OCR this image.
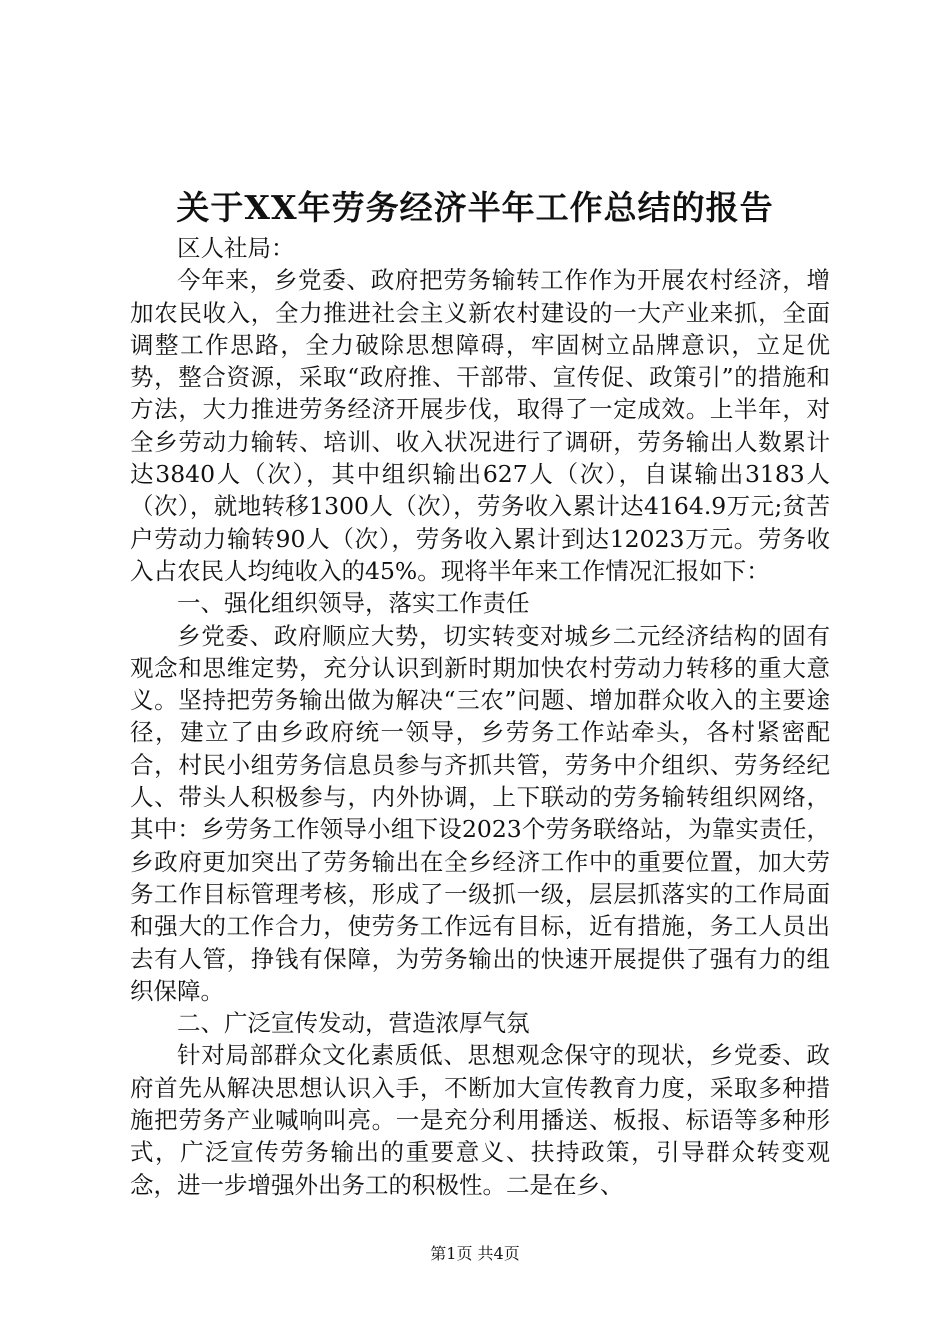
关于XX年劳务经济半年工作总结的报告

区人社局：

今年来，乡党委、政府把劳务输转工作作为开展农村经济，增加农民收入，全力推进社会主义新农村建设的一大产业来抓，全面调整工作思路，全力破除思想障碍，牢固树立品牌意识，立足优势，整合资源，采取“政府推、干部带、宣传促、政策引”的措施和方法，大力推进劳务经济开展步伐，取得了一定成效。上半年，对全乡劳动力输转、培训、收入状况进行了调研，劳务输出人数累计达3840人（次），其中组织输出627人（次），自谋输出3183人（次），就地转移1300人（次），劳务收入累计达4164.9万元;贫苦户劳动力输转90人（次），劳务收入累计到达12023万元。劳务收入占农民人均纯收入的45%。现将半年来工作情况汇报如下：

一、强化组织领导，落实工作责任

乡党委、政府顺应大势，切实转变对城乡二元经济结构的固有观念和思维定势，充分认识到新时期加快农村劳动力转移的重大意义。坚持把劳务输出做为解决“三农”问题、增加群众收入的主要途径，建立了由乡政府统一领导，乡劳务工作站牵头，各村紧密配合，村民小组劳务信息员参与齐抓共管，劳务中介组织、劳务经纪人、带头人积极参与，内外协调，上下联动的劳务输转组织网络，其中：乡劳务工作领导小组下设2023个劳务联络站，为靠实责任，乡政府更加突出了劳务输出在全乡经济工作中的重要位置，加大劳务工作目标管理考核，形成了一级抓一级，层层抓落实的工作局面和强大的工作合力，使劳务工作远有目标，近有措施，务工人员出去有人管，挣钱有保障，为劳务输出的快速开展提供了强有力的组织保障。

二、广泛宣传发动，营造浓厚气氛

针对局部群众文化素质低、思想观念保守的现状，乡党委、政府首先从解决思想认识入手，不断加大宣传教育力度，采取多种措施把劳务产业喊响叫亮。一是充分利用播送、板报、标语等多种形式，广泛宣传劳务输出的重要意义、扶持政策，引导群众转变观念，进一步增强外出务工的积极性。二是在乡、

第1页 共4页
